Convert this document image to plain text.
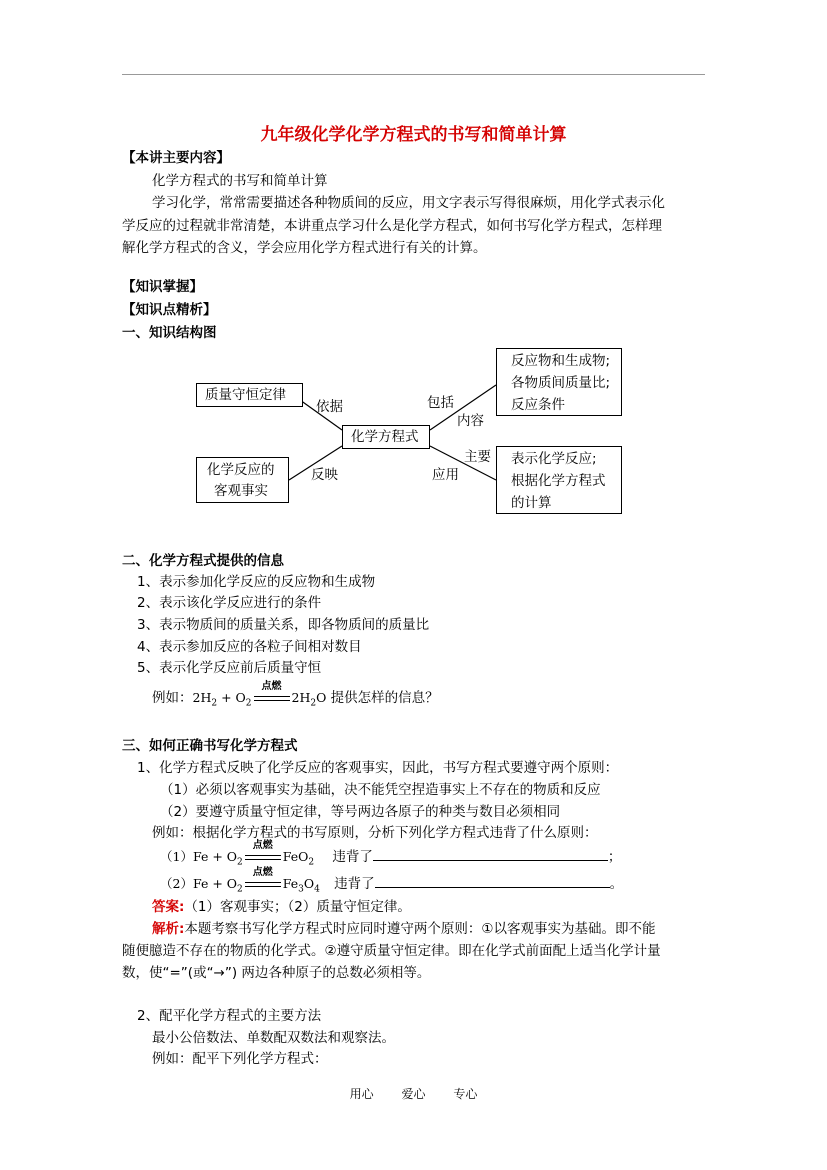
九年级化学化学方程式的书写和简单计算
【本讲主要内容】
化学方程式的书写和简单计算
学习化学，常常需要描述各种物质间的反应，用文字表示写得很麻烦，用化学式表示化
学反应的过程就非常清楚，本讲重点学习什么是化学方程式，如何书写化学方程式，怎样理
解化学方程式的含义，学会应用化学方程式进行有关的计算。
【知识掌握】
【知识点精析】
一、知识结构图
质量守恒定律
化学反应的
客观事实
化学方程式
反应物和生成物;
各物质间质量比;
反应条件
表示化学反应;
根据化学方程式
的计算
依据
反映
包括
内容
主要
应用
二、化学方程式提供的信息
1、表示参加化学反应的反应物和生成物
2、表示该化学反应进行的条件
3、表示物质间的质量关系，即各物质间的质量比
4、表示参加反应的各粒子间相对数目
5、表示化学反应前后质量守恒
例如：$2H_2 + O_2$
点燃
$2H_2O$ 提供怎样的信息？
三、如何正确书写化学方程式
1、化学方程式反映了化学反应的客观事实，因此，书写方程式要遵守两个原则：
（1）必须以客观事实为基础，决不能凭空捏造事实上不存在的物质和反应
（2）要遵守质量守恒定律，等号两边各原子的种类与数目必须相同
例如：根据化学方程式的书写原则，分析下列化学方程式违背了什么原则：
$(1)Fe + O_2$
点燃
FeO$_2$ 违背了	；
$(2)Fe + O_2$
点燃
$Fe_3O_4$ 违背了	。
答案:（1）客观事实；（2）质量守恒定律。
解析:本题考察书写化学方程式时应同时遵守两个原则：①以客观事实为基础。即不能
随便臆造不存在的物质的化学式。②遵守质量守恒定律。即在化学式前面配上适当化学计量
数，使“=”(或“→”) 两边各种原子的总数必须相等。
2、配平化学方程式的主要方法
最小公倍数法、单数配双数法和观察法。
例如：配平下列化学方程式：
用心 爱心 专心
